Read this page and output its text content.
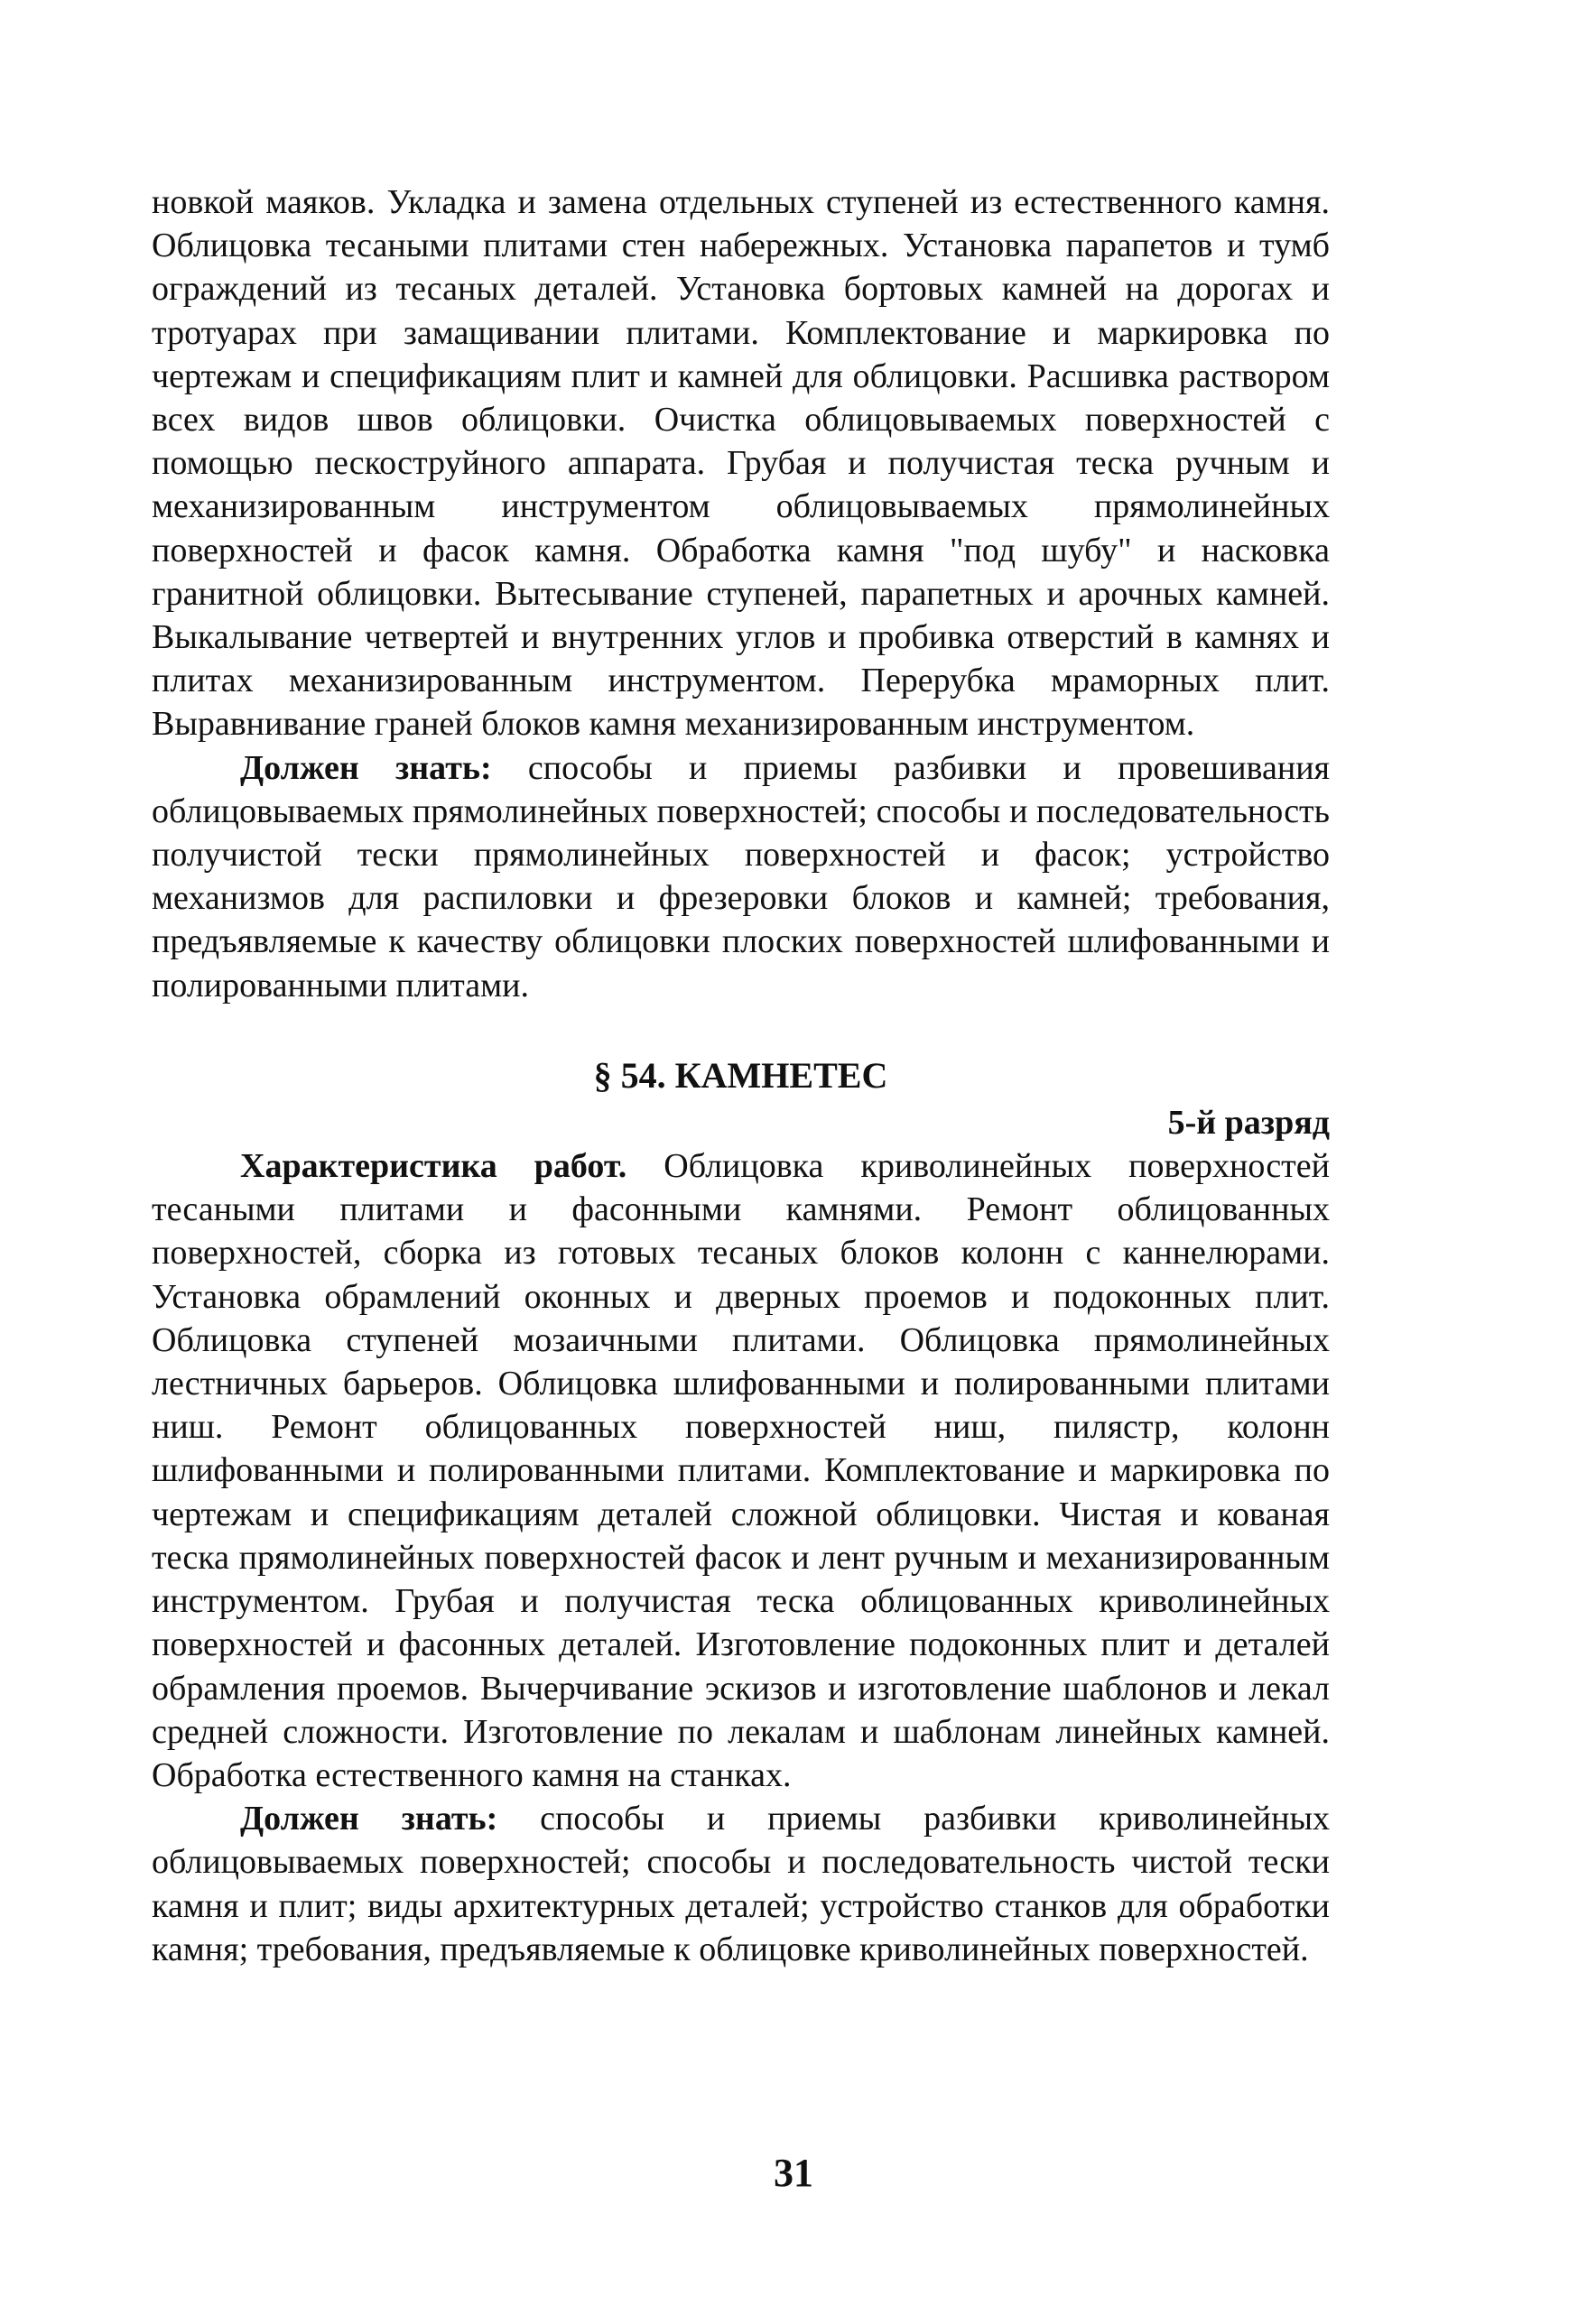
новкой маяков. Укладка и замена отдельных ступеней из естественного камня. Облицовка тесаными плитами стен набережных. Установка парапетов и тумб ограждений из тесаных деталей. Установка бортовых камней на дорогах и тротуарах при замащивании плитами. Комплектование и маркировка по чертежам и спецификациям плит и камней для облицовки. Расшивка раствором всех видов швов облицовки. Очистка облицовываемых поверхностей с помощью пескоструйного аппарата. Грубая и получистая теска ручным и механизированным инструментом облицовываемых прямолинейных поверхностей и фасок камня. Обработка камня "под шубу" и насковка гранитной облицовки. Вытесывание ступеней, парапетных и арочных камней. Выкалывание четвертей и внутренних углов и пробивка отверстий в камнях и плитах механизированным инструментом. Перерубка мраморных плит. Выравнивание граней блоков камня механизированным инструментом.

Должен знать: способы и приемы разбивки и провешивания облицовываемых прямолинейных поверхностей; способы и последовательность получистой тески прямолинейных поверхностей и фасок; устройство механизмов для распиловки и фрезеровки блоков и камней; требования, предъявляемые к качеству облицовки плоских поверхностей шлифованными и полированными плитами.

§ 54. КАМНЕТЕС

5-й разряд

Характеристика работ. Облицовка криволинейных поверхностей тесаными плитами и фасонными камнями. Ремонт облицованных поверхностей, сборка из готовых тесаных блоков колонн с каннелюрами. Установка обрамлений оконных и дверных проемов и подоконных плит. Облицовка ступеней мозаичными плитами. Облицовка прямолинейных лестничных барьеров. Облицовка шлифованными и полированными плитами ниш. Ремонт облицованных поверхностей ниш, пилястр, колонн шлифованными и полированными плитами. Комплектование и маркировка по чертежам и спецификациям деталей сложной облицовки. Чистая и кованая теска прямолинейных поверхностей фасок и лент ручным и механизированным инструментом. Грубая и получистая теска облицованных криволинейных поверхностей и фасонных деталей. Изготовление подоконных плит и деталей обрамления проемов. Вычерчивание эскизов и изготовление шаблонов и лекал средней сложности. Изготовление по лекалам и шаблонам линейных камней. Обработка естественного камня на станках.

Должен знать: способы и приемы разбивки криволинейных облицовываемых поверхностей; способы и последовательность чистой тески камня и плит; виды архитектурных деталей; устройство станков для обработки камня; требования, предъявляемые к облицовке криволинейных поверхностей.

31
